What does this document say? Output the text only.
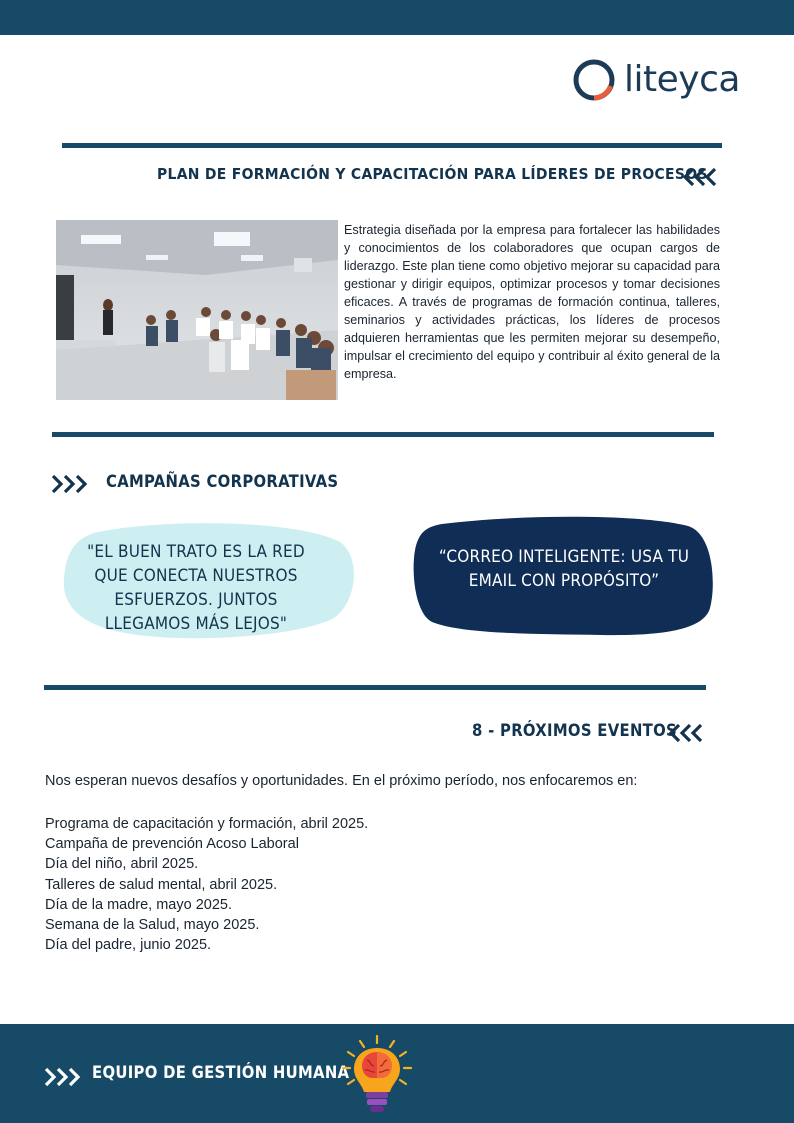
liteyca
PLAN DE FORMACIÓN Y CAPACITACIÓN PARA LÍDERES DE PROCESOS
Estrategia diseñada por la empresa para fortalecer las habilidades y conocimientos de los colaboradores que ocupan cargos de liderazgo. Este plan tiene como objetivo mejorar su capacidad para gestionar y dirigir equipos, optimizar procesos y tomar decisiones eficaces. A través de programas de formación continua, talleres, seminarios y actividades prácticas, los líderes de procesos adquieren herramientas que les permiten mejorar su desempeño, impulsar el crecimiento del equipo y contribuir al éxito general de la empresa.
CAMPAÑAS CORPORATIVAS
"EL BUEN TRATO ES LA RED QUE CONECTA NUESTROS ESFUERZOS. JUNTOS LLEGAMOS MÁS LEJOS"
“CORREO INTELIGENTE: USA TU EMAIL CON PROPÓSITO”
8 - PRÓXIMOS EVENTOS
Nos esperan nuevos desafíos y oportunidades. En el próximo período, nos enfocaremos en:
Programa de capacitación y formación, abril 2025.
Campaña de prevención Acoso Laboral
Día del niño, abril 2025.
Talleres de salud mental, abril 2025.
Día de la madre, mayo 2025.
Semana de la Salud, mayo 2025.
Día del padre, junio 2025.
EQUIPO DE GESTIÓN HUMANA
